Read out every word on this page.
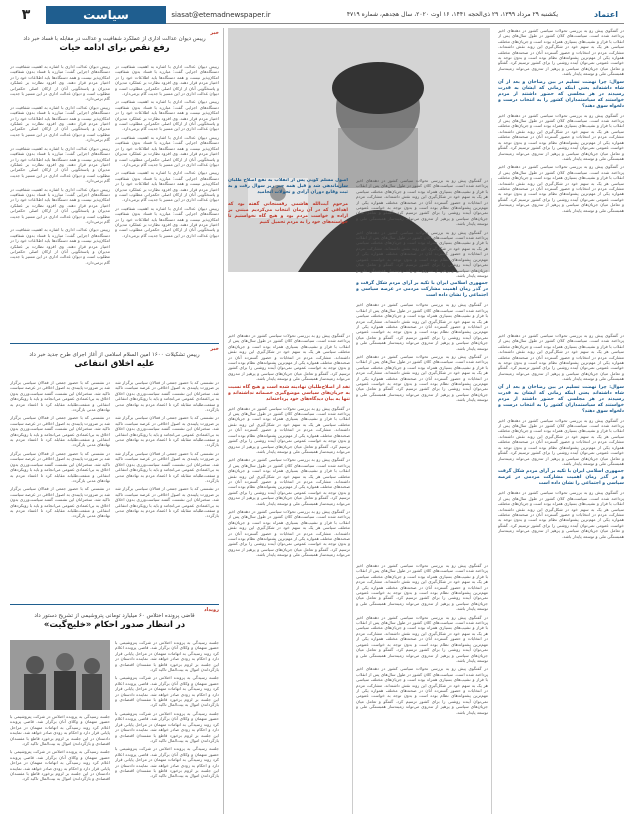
اعتماد
یکشنبه ۲۹ مرداد ۱۳۹۹، ۲۹ ذی‌الحجه ۱۴۴۱، ۱۶ اوت ۲۰۲۰، سال هجدهم، شماره ۴۷۱۹
siasat@etemadnewspaper.ir
سیاست
۳
در گفتگوی پیش رو به بررسی تحولات سیاسی کشور در دهه‌های اخیر پرداخته شده است. سیاست‌های کلان کشور در طول سال‌های پس از انقلاب با فراز و نشیب‌های بسیاری همراه بوده است و جریان‌های مختلف سیاسی هر یک به سهم خود در شکل‌گیری این روند نقش داشته‌اند. مشارکت مردم در انتخابات و حضور گسترده آنان در صحنه‌های مختلف همواره یکی از مهم‌ترین پشتوانه‌های نظام بوده است و بدون توجه به خواست عمومی نمی‌توان آینده روشنی را برای کشور ترسیم کرد. گفتگو و تعامل میان جریان‌های سیاسی و پرهیز از تندروی می‌تواند زمینه‌ساز همبستگی ملی و توسعه پایدار باشد.
سوال: چرا نهضت تسلیم در بین رضاخان و بعد از آن شاه داشته‌اند یعنی اینکه زمانی که ایشان به قدرت رسیدند در هر مجلسی که حضور داشتند از مردم خواستند که سیاستمداران کشور را به انتخاب درست و دلخواه سوق دهند؟
در گفتگوی پیش رو به بررسی تحولات سیاسی کشور در دهه‌های اخیر پرداخته شده است. سیاست‌های کلان کشور در طول سال‌های پس از انقلاب با فراز و نشیب‌های بسیاری همراه بوده است و جریان‌های مختلف سیاسی هر یک به سهم خود در شکل‌گیری این روند نقش داشته‌اند. مشارکت مردم در انتخابات و حضور گسترده آنان در صحنه‌های مختلف همواره یکی از مهم‌ترین پشتوانه‌های نظام بوده است و بدون توجه به خواست عمومی نمی‌توان آینده روشنی را برای کشور ترسیم کرد. گفتگو و تعامل میان جریان‌های سیاسی و پرهیز از تندروی می‌تواند زمینه‌ساز همبستگی ملی و توسعه پایدار باشد.
در گفتگوی پیش رو به بررسی تحولات سیاسی کشور در دهه‌های اخیر پرداخته شده است. سیاست‌های کلان کشور در طول سال‌های پس از انقلاب با فراز و نشیب‌های بسیاری همراه بوده است و جریان‌های مختلف سیاسی هر یک به سهم خود در شکل‌گیری این روند نقش داشته‌اند. مشارکت مردم در انتخابات و حضور گسترده آنان در صحنه‌های مختلف همواره یکی از مهم‌ترین پشتوانه‌های نظام بوده است و بدون توجه به خواست عمومی نمی‌توان آینده روشنی را برای کشور ترسیم کرد. گفتگو و تعامل میان جریان‌های سیاسی و پرهیز از تندروی می‌تواند زمینه‌ساز همبستگی ملی و توسعه پایدار باشد.
اصول مسلم گویی پس از انقلاب به نفع اصلاح طلبان سازماندهی شد و قبل همه چیز زیر سوال رفت و به ثبت وقایع دوران آزادی و تحولات انجامید
مرحوم آیت‌الله هاشمی رفسنجانی گفته بود که اهدافی که در آن زمان انتخاب می‌کردیم مبتنی بر اراده و خواست مردم بود و هیچ گاه نخواستیم تا خواسته‌های خود را به مردم تحمیل کنیم
در گفتگوی پیش رو به بررسی تحولات سیاسی کشور در دهه‌های اخیر پرداخته شده است. سیاست‌های کلان کشور در طول سال‌های پس از انقلاب با فراز و نشیب‌های بسیاری همراه بوده است و جریان‌های مختلف سیاسی هر یک به سهم خود در شکل‌گیری این روند نقش داشته‌اند. مشارکت مردم در انتخابات و حضور گسترده آنان در صحنه‌های مختلف همواره یکی از مهم‌ترین پشتوانه‌های نظام بوده است و بدون توجه به خواست عمومی نمی‌توان آینده روشنی را برای کشور ترسیم کرد. گفتگو و تعامل میان جریان‌های سیاسی و پرهیز از تندروی می‌تواند زمینه‌ساز همبستگی ملی و توسعه پایدار باشد.
در گفتگوی پیش رو به بررسی تحولات سیاسی کشور در دهه‌های اخیر پرداخته شده است. سیاست‌های کلان کشور در طول سال‌های پس از انقلاب با فراز و نشیب‌های بسیاری همراه بوده است و جریان‌های مختلف سیاسی هر یک به سهم خود در شکل‌گیری این روند نقش داشته‌اند. مشارکت مردم در انتخابات و حضور گسترده آنان در صحنه‌های مختلف همواره یکی از مهم‌ترین پشتوانه‌های نظام بوده است و بدون توجه به خواست عمومی نمی‌توان آینده روشنی را برای کشور ترسیم کرد. گفتگو و تعامل میان جریان‌های سیاسی و پرهیز از تندروی می‌تواند زمینه‌ساز همبستگی ملی و توسعه پایدار باشد.
جمهوری اسلامی ایران با تکیه بر آرای مردم شکل گرفت و در گذر زمان اهمیت مشارکت مردمی در عرصه سیاسی و اجتماعی را نشان داده است
در گفتگوی پیش رو به بررسی تحولات سیاسی کشور در دهه‌های اخیر پرداخته شده است. سیاست‌های کلان کشور در طول سال‌های پس از انقلاب با فراز و نشیب‌های بسیاری همراه بوده است و جریان‌های مختلف سیاسی هر یک به سهم خود در شکل‌گیری این روند نقش داشته‌اند. مشارکت مردم در انتخابات و حضور گسترده آنان در صحنه‌های مختلف همواره یکی از مهم‌ترین پشتوانه‌های نظام بوده است و بدون توجه به خواست عمومی نمی‌توان آینده روشنی را برای کشور ترسیم کرد. گفتگو و تعامل میان جریان‌های سیاسی و پرهیز از تندروی می‌تواند زمینه‌ساز همبستگی ملی و توسعه پایدار باشد.
در گفتگوی پیش رو به بررسی تحولات سیاسی کشور در دهه‌های اخیر پرداخته شده است. سیاست‌های کلان کشور در طول سال‌های پس از انقلاب با فراز و نشیب‌های بسیاری همراه بوده است و جریان‌های مختلف سیاسی هر یک به سهم خود در شکل‌گیری این روند نقش داشته‌اند. مشارکت مردم در انتخابات و حضور گسترده آنان در صحنه‌های مختلف همواره یکی از مهم‌ترین پشتوانه‌های نظام بوده است و بدون توجه به خواست عمومی نمی‌توان آینده روشنی را برای کشور ترسیم کرد. گفتگو و تعامل میان جریان‌های سیاسی و پرهیز از تندروی می‌تواند زمینه‌ساز همبستگی ملی و توسعه پایدار باشد.
در گفتگوی پیش رو به بررسی تحولات سیاسی کشور در دهه‌های اخیر پرداخته شده است. سیاست‌های کلان کشور در طول سال‌های پس از انقلاب با فراز و نشیب‌های بسیاری همراه بوده است و جریان‌های مختلف سیاسی هر یک به سهم خود در شکل‌گیری این روند نقش داشته‌اند. مشارکت مردم در انتخابات و حضور گسترده آنان در صحنه‌های مختلف همواره یکی از مهم‌ترین پشتوانه‌های نظام بوده است و بدون توجه به خواست عمومی نمی‌توان آینده روشنی را برای کشور ترسیم کرد. گفتگو و تعامل میان جریان‌های سیاسی و پرهیز از تندروی می‌تواند زمینه‌ساز همبستگی ملی و توسعه پایدار باشد.
نقد از اصلاح‌طلبان نهادینه شده است و هیچ گاه نسبت به جریان‌های سیاسی موضع‌گیری خصمانه نداشته‌اند و تنها به بیان دیدگاه‌های خود پرداخته‌اند
در گفتگوی پیش رو به بررسی تحولات سیاسی کشور در دهه‌های اخیر پرداخته شده است. سیاست‌های کلان کشور در طول سال‌های پس از انقلاب با فراز و نشیب‌های بسیاری همراه بوده است و جریان‌های مختلف سیاسی هر یک به سهم خود در شکل‌گیری این روند نقش داشته‌اند. مشارکت مردم در انتخابات و حضور گسترده آنان در صحنه‌های مختلف همواره یکی از مهم‌ترین پشتوانه‌های نظام بوده است و بدون توجه به خواست عمومی نمی‌توان آینده روشنی را برای کشور ترسیم کرد. گفتگو و تعامل میان جریان‌های سیاسی و پرهیز از تندروی می‌تواند زمینه‌ساز همبستگی ملی و توسعه پایدار باشد.
در گفتگوی پیش رو به بررسی تحولات سیاسی کشور در دهه‌های اخیر پرداخته شده است. سیاست‌های کلان کشور در طول سال‌های پس از انقلاب با فراز و نشیب‌های بسیاری همراه بوده است و جریان‌های مختلف سیاسی هر یک به سهم خود در شکل‌گیری این روند نقش داشته‌اند. مشارکت مردم در انتخابات و حضور گسترده آنان در صحنه‌های مختلف همواره یکی از مهم‌ترین پشتوانه‌های نظام بوده است و بدون توجه به خواست عمومی نمی‌توان آینده روشنی را برای کشور ترسیم کرد. گفتگو و تعامل میان جریان‌های سیاسی و پرهیز از تندروی می‌تواند زمینه‌ساز همبستگی ملی و توسعه پایدار باشد.
در گفتگوی پیش رو به بررسی تحولات سیاسی کشور در دهه‌های اخیر پرداخته شده است. سیاست‌های کلان کشور در طول سال‌های پس از انقلاب با فراز و نشیب‌های بسیاری همراه بوده است و جریان‌های مختلف سیاسی هر یک به سهم خود در شکل‌گیری این روند نقش داشته‌اند. مشارکت مردم در انتخابات و حضور گسترده آنان در صحنه‌های مختلف همواره یکی از مهم‌ترین پشتوانه‌های نظام بوده است و بدون توجه به خواست عمومی نمی‌توان آینده روشنی را برای کشور ترسیم کرد. گفتگو و تعامل میان جریان‌های سیاسی و پرهیز از تندروی می‌تواند زمینه‌ساز همبستگی ملی و توسعه پایدار باشد.
در گفتگوی پیش رو به بررسی تحولات سیاسی کشور در دهه‌های اخیر پرداخته شده است. سیاست‌های کلان کشور در طول سال‌های پس از انقلاب با فراز و نشیب‌های بسیاری همراه بوده است و جریان‌های مختلف سیاسی هر یک به سهم خود در شکل‌گیری این روند نقش داشته‌اند. مشارکت مردم در انتخابات و حضور گسترده آنان در صحنه‌های مختلف همواره یکی از مهم‌ترین پشتوانه‌های نظام بوده است و بدون توجه به خواست عمومی نمی‌توان آینده روشنی را برای کشور ترسیم کرد. گفتگو و تعامل میان جریان‌های سیاسی و پرهیز از تندروی می‌تواند زمینه‌ساز همبستگی ملی و توسعه پایدار باشد.
سوال: چرا نهضت تسلیم در بین رضاخان و بعد از آن شاه داشته‌اند یعنی اینکه زمانی که ایشان به قدرت رسیدند در هر مجلسی که حضور داشتند از مردم خواستند که سیاستمداران کشور را به انتخاب درست و دلخواه سوق دهند؟
در گفتگوی پیش رو به بررسی تحولات سیاسی کشور در دهه‌های اخیر پرداخته شده است. سیاست‌های کلان کشور در طول سال‌های پس از انقلاب با فراز و نشیب‌های بسیاری همراه بوده است و جریان‌های مختلف سیاسی هر یک به سهم خود در شکل‌گیری این روند نقش داشته‌اند. مشارکت مردم در انتخابات و حضور گسترده آنان در صحنه‌های مختلف همواره یکی از مهم‌ترین پشتوانه‌های نظام بوده است و بدون توجه به خواست عمومی نمی‌توان آینده روشنی را برای کشور ترسیم کرد. گفتگو و تعامل میان جریان‌های سیاسی و پرهیز از تندروی می‌تواند زمینه‌ساز همبستگی ملی و توسعه پایدار باشد.
جمهوری اسلامی ایران با تکیه بر آرای مردم شکل گرفت و در گذر زمان اهمیت مشارکت مردمی در عرصه سیاسی و اجتماعی را نشان داده است
در گفتگوی پیش رو به بررسی تحولات سیاسی کشور در دهه‌های اخیر پرداخته شده است. سیاست‌های کلان کشور در طول سال‌های پس از انقلاب با فراز و نشیب‌های بسیاری همراه بوده است و جریان‌های مختلف سیاسی هر یک به سهم خود در شکل‌گیری این روند نقش داشته‌اند. مشارکت مردم در انتخابات و حضور گسترده آنان در صحنه‌های مختلف همواره یکی از مهم‌ترین پشتوانه‌های نظام بوده است و بدون توجه به خواست عمومی نمی‌توان آینده روشنی را برای کشور ترسیم کرد. گفتگو و تعامل میان جریان‌های سیاسی و پرهیز از تندروی می‌تواند زمینه‌ساز همبستگی ملی و توسعه پایدار باشد.
در گفتگوی پیش رو به بررسی تحولات سیاسی کشور در دهه‌های اخیر پرداخته شده است. سیاست‌های کلان کشور در طول سال‌های پس از انقلاب با فراز و نشیب‌های بسیاری همراه بوده است و جریان‌های مختلف سیاسی هر یک به سهم خود در شکل‌گیری این روند نقش داشته‌اند. مشارکت مردم در انتخابات و حضور گسترده آنان در صحنه‌های مختلف همواره یکی از مهم‌ترین پشتوانه‌های نظام بوده است و بدون توجه به خواست عمومی نمی‌توان آینده روشنی را برای کشور ترسیم کرد. گفتگو و تعامل میان جریان‌های سیاسی و پرهیز از تندروی می‌تواند زمینه‌ساز همبستگی ملی و توسعه پایدار باشد.
در گفتگوی پیش رو به بررسی تحولات سیاسی کشور در دهه‌های اخیر پرداخته شده است. سیاست‌های کلان کشور در طول سال‌های پس از انقلاب با فراز و نشیب‌های بسیاری همراه بوده است و جریان‌های مختلف سیاسی هر یک به سهم خود در شکل‌گیری این روند نقش داشته‌اند. مشارکت مردم در انتخابات و حضور گسترده آنان در صحنه‌های مختلف همواره یکی از مهم‌ترین پشتوانه‌های نظام بوده است و بدون توجه به خواست عمومی نمی‌توان آینده روشنی را برای کشور ترسیم کرد. گفتگو و تعامل میان جریان‌های سیاسی و پرهیز از تندروی می‌تواند زمینه‌ساز همبستگی ملی و توسعه پایدار باشد.
در گفتگوی پیش رو به بررسی تحولات سیاسی کشور در دهه‌های اخیر پرداخته شده است. سیاست‌های کلان کشور در طول سال‌های پس از انقلاب با فراز و نشیب‌های بسیاری همراه بوده است و جریان‌های مختلف سیاسی هر یک به سهم خود در شکل‌گیری این روند نقش داشته‌اند. مشارکت مردم در انتخابات و حضور گسترده آنان در صحنه‌های مختلف همواره یکی از مهم‌ترین پشتوانه‌های نظام بوده است و بدون توجه به خواست عمومی نمی‌توان آینده روشنی را برای کشور ترسیم کرد. گفتگو و تعامل میان جریان‌های سیاسی و پرهیز از تندروی می‌تواند زمینه‌ساز همبستگی ملی و توسعه پایدار باشد.
خبر
رییس دیوان عدالت اداری از عملکرد شفافیت و عدالت در مقابله با فساد خبر داد
رفع نقص برای ادامه حیات
رییس دیوان عدالت اداری با اشاره به اهمیت شفافیت در دستگاه‌های اجرایی گفت: مبارزه با فساد بدون شفافیت امکان‌پذیر نیست و همه دستگاه‌ها باید اطلاعات خود را در اختیار مردم قرار دهند. وی افزود نظارت بر عملکرد مدیران و پاسخگویی آنان از ارکان اصلی حکمرانی مطلوب است و دیوان عدالت اداری در این مسیر با جدیت گام برمی‌دارد.
رییس دیوان عدالت اداری با اشاره به اهمیت شفافیت در دستگاه‌های اجرایی گفت: مبارزه با فساد بدون شفافیت امکان‌پذیر نیست و همه دستگاه‌ها باید اطلاعات خود را در اختیار مردم قرار دهند. وی افزود نظارت بر عملکرد مدیران و پاسخگویی آنان از ارکان اصلی حکمرانی مطلوب است و دیوان عدالت اداری در این مسیر با جدیت گام برمی‌دارد.
رییس دیوان عدالت اداری با اشاره به اهمیت شفافیت در دستگاه‌های اجرایی گفت: مبارزه با فساد بدون شفافیت امکان‌پذیر نیست و همه دستگاه‌ها باید اطلاعات خود را در اختیار مردم قرار دهند. وی افزود نظارت بر عملکرد مدیران و پاسخگویی آنان از ارکان اصلی حکمرانی مطلوب است و دیوان عدالت اداری در این مسیر با جدیت گام برمی‌دارد.
رییس دیوان عدالت اداری با اشاره به اهمیت شفافیت در دستگاه‌های اجرایی گفت: مبارزه با فساد بدون شفافیت امکان‌پذیر نیست و همه دستگاه‌ها باید اطلاعات خود را در اختیار مردم قرار دهند. وی افزود نظارت بر عملکرد مدیران و پاسخگویی آنان از ارکان اصلی حکمرانی مطلوب است و دیوان عدالت اداری در این مسیر با جدیت گام برمی‌دارد.
رییس دیوان عدالت اداری با اشاره به اهمیت شفافیت در دستگاه‌های اجرایی گفت: مبارزه با فساد بدون شفافیت امکان‌پذیر نیست و همه دستگاه‌ها باید اطلاعات خود را در اختیار مردم قرار دهند. وی افزود نظارت بر عملکرد مدیران و پاسخگویی آنان از ارکان اصلی حکمرانی مطلوب است و دیوان عدالت اداری در این مسیر با جدیت گام برمی‌دارد.
رییس دیوان عدالت اداری با اشاره به اهمیت شفافیت در دستگاه‌های اجرایی گفت: مبارزه با فساد بدون شفافیت امکان‌پذیر نیست و همه دستگاه‌ها باید اطلاعات خود را در اختیار مردم قرار دهند. وی افزود نظارت بر عملکرد مدیران و پاسخگویی آنان از ارکان اصلی حکمرانی مطلوب است و دیوان عدالت اداری در این مسیر با جدیت گام برمی‌دارد.
رییس دیوان عدالت اداری با اشاره به اهمیت شفافیت در دستگاه‌های اجرایی گفت: مبارزه با فساد بدون شفافیت امکان‌پذیر نیست و همه دستگاه‌ها باید اطلاعات خود را در اختیار مردم قرار دهند. وی افزود نظارت بر عملکرد مدیران و پاسخگویی آنان از ارکان اصلی حکمرانی مطلوب است و دیوان عدالت اداری در این مسیر با جدیت گام برمی‌دارد.
رییس دیوان عدالت اداری با اشاره به اهمیت شفافیت در دستگاه‌های اجرایی گفت: مبارزه با فساد بدون شفافیت امکان‌پذیر نیست و همه دستگاه‌ها باید اطلاعات خود را در اختیار مردم قرار دهند. وی افزود نظارت بر عملکرد مدیران و پاسخگویی آنان از ارکان اصلی حکمرانی مطلوب است و دیوان عدالت اداری در این مسیر با جدیت گام برمی‌دارد.
رییس دیوان عدالت اداری با اشاره به اهمیت شفافیت در دستگاه‌های اجرایی گفت: مبارزه با فساد بدون شفافیت امکان‌پذیر نیست و همه دستگاه‌ها باید اطلاعات خود را در اختیار مردم قرار دهند. وی افزود نظارت بر عملکرد مدیران و پاسخگویی آنان از ارکان اصلی حکمرانی مطلوب است و دیوان عدالت اداری در این مسیر با جدیت گام برمی‌دارد.
رییس دیوان عدالت اداری با اشاره به اهمیت شفافیت در دستگاه‌های اجرایی گفت: مبارزه با فساد بدون شفافیت امکان‌پذیر نیست و همه دستگاه‌ها باید اطلاعات خود را در اختیار مردم قرار دهند. وی افزود نظارت بر عملکرد مدیران و پاسخگویی آنان از ارکان اصلی حکمرانی مطلوب است و دیوان عدالت اداری در این مسیر با جدیت گام برمی‌دارد.
خبر
رییس تشکیلات ۱۶۰۰ امین السلام اسلامی از آغاز اجرای طرح جدید خبر داد
علیه اخلاق انتفاعی
در نشستی که با حضور جمعی از فعالان سیاسی برگزار شد بر ضرورت پایبندی به اصول اخلاقی در عرصه سیاست تاکید شد. سخنرانان این نشست گفتند سیاست‌ورزی بدون اخلاق به بی‌اعتمادی عمومی می‌انجامد و باید با رویکردهای انتفاعی و منفعت‌طلبانه مقابله کرد تا اعتماد مردم به نهادهای مدنی بازگردد.
در نشستی که با حضور جمعی از فعالان سیاسی برگزار شد بر ضرورت پایبندی به اصول اخلاقی در عرصه سیاست تاکید شد. سخنرانان این نشست گفتند سیاست‌ورزی بدون اخلاق به بی‌اعتمادی عمومی می‌انجامد و باید با رویکردهای انتفاعی و منفعت‌طلبانه مقابله کرد تا اعتماد مردم به نهادهای مدنی بازگردد.
در نشستی که با حضور جمعی از فعالان سیاسی برگزار شد بر ضرورت پایبندی به اصول اخلاقی در عرصه سیاست تاکید شد. سخنرانان این نشست گفتند سیاست‌ورزی بدون اخلاق به بی‌اعتمادی عمومی می‌انجامد و باید با رویکردهای انتفاعی و منفعت‌طلبانه مقابله کرد تا اعتماد مردم به نهادهای مدنی بازگردد.
در نشستی که با حضور جمعی از فعالان سیاسی برگزار شد بر ضرورت پایبندی به اصول اخلاقی در عرصه سیاست تاکید شد. سخنرانان این نشست گفتند سیاست‌ورزی بدون اخلاق به بی‌اعتمادی عمومی می‌انجامد و باید با رویکردهای انتفاعی و منفعت‌طلبانه مقابله کرد تا اعتماد مردم به نهادهای مدنی بازگردد.
در نشستی که با حضور جمعی از فعالان سیاسی برگزار شد بر ضرورت پایبندی به اصول اخلاقی در عرصه سیاست تاکید شد. سخنرانان این نشست گفتند سیاست‌ورزی بدون اخلاق به بی‌اعتمادی عمومی می‌انجامد و باید با رویکردهای انتفاعی و منفعت‌طلبانه مقابله کرد تا اعتماد مردم به نهادهای مدنی بازگردد.
در نشستی که با حضور جمعی از فعالان سیاسی برگزار شد بر ضرورت پایبندی به اصول اخلاقی در عرصه سیاست تاکید شد. سخنرانان این نشست گفتند سیاست‌ورزی بدون اخلاق به بی‌اعتمادی عمومی می‌انجامد و باید با رویکردهای انتفاعی و منفعت‌طلبانه مقابله کرد تا اعتماد مردم به نهادهای مدنی بازگردد.
در نشستی که با حضور جمعی از فعالان سیاسی برگزار شد بر ضرورت پایبندی به اصول اخلاقی در عرصه سیاست تاکید شد. سخنرانان این نشست گفتند سیاست‌ورزی بدون اخلاق به بی‌اعتمادی عمومی می‌انجامد و باید با رویکردهای انتفاعی و منفعت‌طلبانه مقابله کرد تا اعتماد مردم به نهادهای مدنی بازگردد.
در نشستی که با حضور جمعی از فعالان سیاسی برگزار شد بر ضرورت پایبندی به اصول اخلاقی در عرصه سیاست تاکید شد. سخنرانان این نشست گفتند سیاست‌ورزی بدون اخلاق به بی‌اعتمادی عمومی می‌انجامد و باید با رویکردهای انتفاعی و منفعت‌طلبانه مقابله کرد تا اعتماد مردم به نهادهای مدنی بازگردد.
رویداد
قاضی پرونده اختلاس ۶۰ میلیارد تومانی پتروشیمی از تشریح دستور داد
در انتظار صدور احکام «خلیج‌گیت»
جلسه رسیدگی به پرونده اختلاس در شرکت پتروشیمی با حضور متهمان و وکلای آنان برگزار شد. قاضی پرونده اعلام کرد روند رسیدگی به اتهامات متهمان در مراحل پایانی قرار دارد و احکام به زودی صادر خواهد شد. نماینده دادستان در این جلسه بر لزوم برخورد قاطع با مفسدان اقتصادی و بازگرداندن اموال به بیت‌المال تاکید کرد.
جلسه رسیدگی به پرونده اختلاس در شرکت پتروشیمی با حضور متهمان و وکلای آنان برگزار شد. قاضی پرونده اعلام کرد روند رسیدگی به اتهامات متهمان در مراحل پایانی قرار دارد و احکام به زودی صادر خواهد شد. نماینده دادستان در این جلسه بر لزوم برخورد قاطع با مفسدان اقتصادی و بازگرداندن اموال به بیت‌المال تاکید کرد.
جلسه رسیدگی به پرونده اختلاس در شرکت پتروشیمی با حضور متهمان و وکلای آنان برگزار شد. قاضی پرونده اعلام کرد روند رسیدگی به اتهامات متهمان در مراحل پایانی قرار دارد و احکام به زودی صادر خواهد شد. نماینده دادستان در این جلسه بر لزوم برخورد قاطع با مفسدان اقتصادی و بازگرداندن اموال به بیت‌المال تاکید کرد.
جلسه رسیدگی به پرونده اختلاس در شرکت پتروشیمی با حضور متهمان و وکلای آنان برگزار شد. قاضی پرونده اعلام کرد روند رسیدگی به اتهامات متهمان در مراحل پایانی قرار دارد و احکام به زودی صادر خواهد شد. نماینده دادستان در این جلسه بر لزوم برخورد قاطع با مفسدان اقتصادی و بازگرداندن اموال به بیت‌المال تاکید کرد.
جلسه رسیدگی به پرونده اختلاس در شرکت پتروشیمی با حضور متهمان و وکلای آنان برگزار شد. قاضی پرونده اعلام کرد روند رسیدگی به اتهامات متهمان در مراحل پایانی قرار دارد و احکام به زودی صادر خواهد شد. نماینده دادستان در این جلسه بر لزوم برخورد قاطع با مفسدان اقتصادی و بازگرداندن اموال به بیت‌المال تاکید کرد.
جلسه رسیدگی به پرونده اختلاس در شرکت پتروشیمی با حضور متهمان و وکلای آنان برگزار شد. قاضی پرونده اعلام کرد روند رسیدگی به اتهامات متهمان در مراحل پایانی قرار دارد و احکام به زودی صادر خواهد شد. نماینده دادستان در این جلسه بر لزوم برخورد قاطع با مفسدان اقتصادی و بازگرداندن اموال به بیت‌المال تاکید کرد.
